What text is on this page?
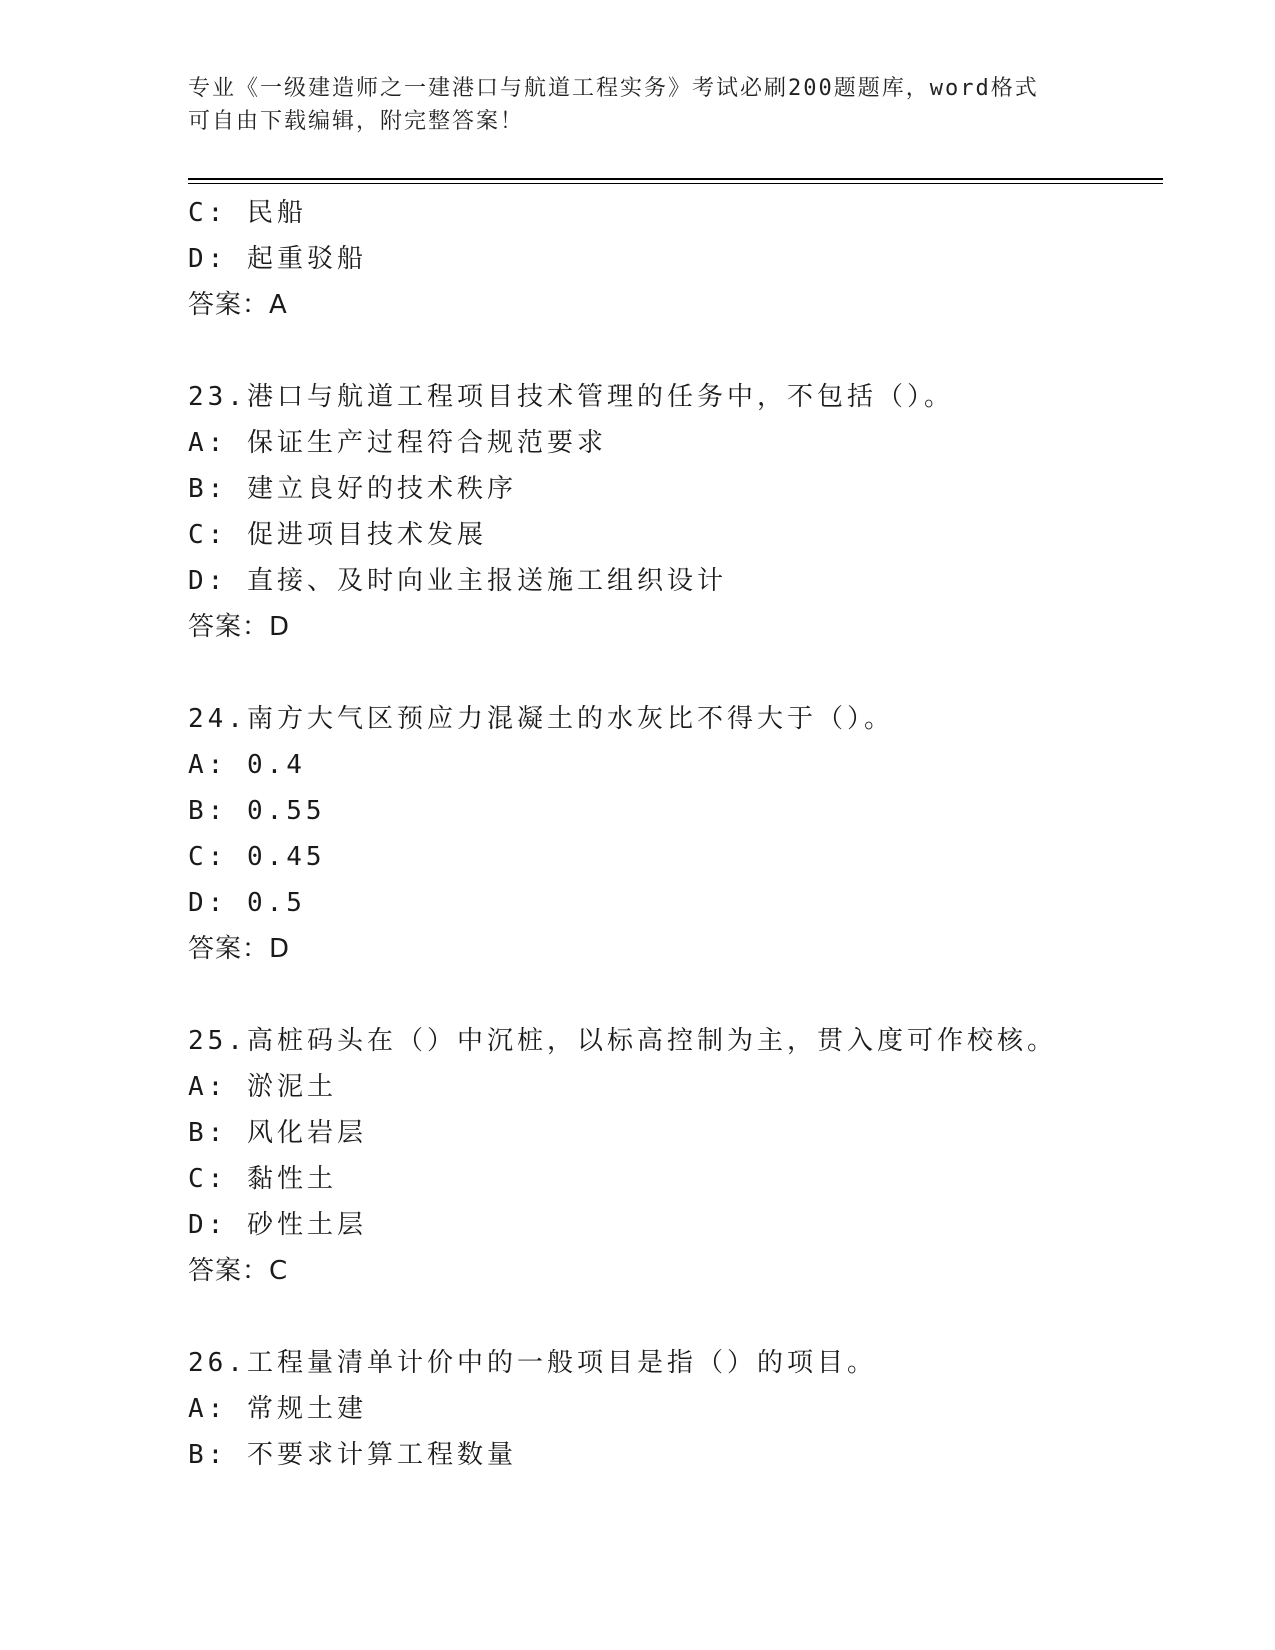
专业《一级建造师之一建港口与航道工程实务》考试必刷200题题库，word格式
可自由下载编辑，附完整答案！
C: 民船
D: 起重驳船
答案：A
23.港口与航道工程项目技术管理的任务中，不包括（）。
A: 保证生产过程符合规范要求
B: 建立良好的技术秩序
C: 促进项目技术发展
D: 直接、及时向业主报送施工组织设计
答案：D
24.南方大气区预应力混凝土的水灰比不得大于（）。
A: 0.4
B: 0.55
C: 0.45
D: 0.5
答案：D
25.高桩码头在（）中沉桩，以标高控制为主，贯入度可作校核。
A: 淤泥土
B: 风化岩层
C: 黏性土
D: 砂性土层
答案：C
26.工程量清单计价中的一般项目是指（）的项目。
A: 常规土建
B: 不要求计算工程数量
